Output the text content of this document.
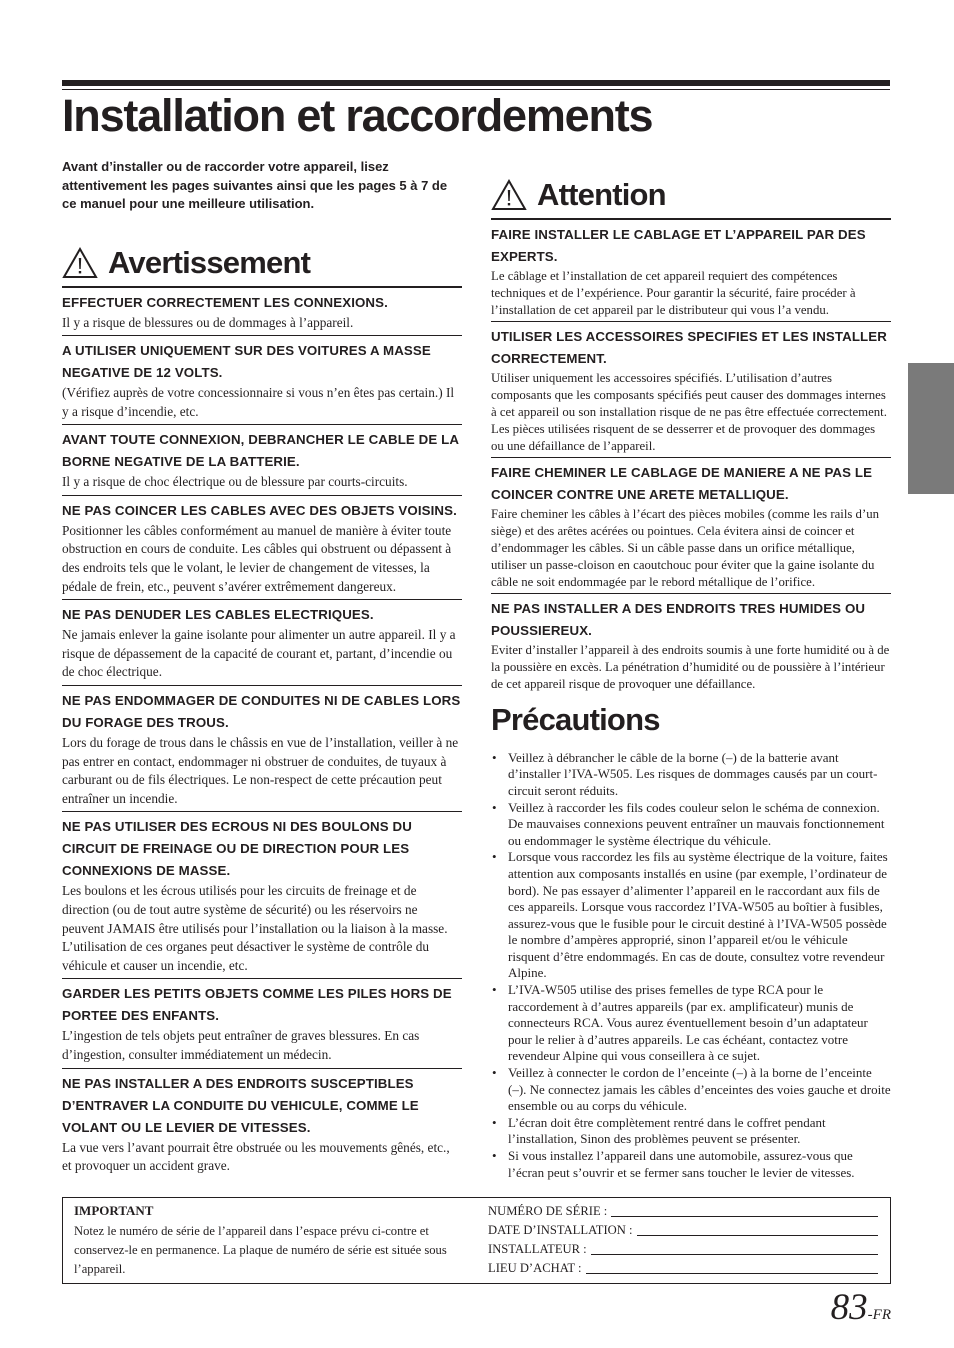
Installation et raccordements

Avant d’installer ou de raccorder votre appareil, lisez attentivement les pages suivantes ainsi que les pages 5 à 7 de ce manuel pour une meilleure utilisation.

Avertissement
EFFECTUER CORRECTEMENT LES CONNEXIONS.

Il y a risque de blessures ou de dommages à l’appareil.

A UTILISER UNIQUEMENT SUR DES VOITURES A MASSE NEGATIVE DE 12 VOLTS.

(Vérifiez auprès de votre concessionnaire si vous n’en êtes pas certain.) Il y a risque d’incendie, etc.

AVANT TOUTE CONNEXION, DEBRANCHER LE CABLE DE LA BORNE NEGATIVE DE LA BATTERIE.

Il y a risque de choc électrique ou de blessure par courts-circuits.

NE PAS COINCER LES CABLES AVEC DES OBJETS VOISINS.

Positionner les câbles conformément au manuel de manière à éviter toute obstruction en cours de conduite. Les câbles qui obstruent ou dépassent à des endroits tels que le volant, le levier de changement de vitesses, la pédale de frein, etc., peuvent s’avérer extrêmement dangereux.

NE PAS DENUDER LES CABLES ELECTRIQUES.

Ne jamais enlever la gaine isolante pour alimenter un autre appareil. Il y a risque de dépassement de la capacité de courant et, partant, d’incendie ou de choc électrique.

NE PAS ENDOMMAGER DE CONDUITES NI DE CABLES LORS DU FORAGE DES TROUS.

Lors du forage de trous dans le châssis en vue de l’installation, veiller à ne pas entrer en contact, endommager ni obstruer de conduites, de tuyaux à carburant ou de fils électriques. Le non-respect de cette précaution peut entraîner un incendie.

NE PAS UTILISER DES ECROUS NI DES BOULONS DU CIRCUIT DE FREINAGE OU DE DIRECTION POUR LES CONNEXIONS DE MASSE.

Les boulons et les écrous utilisés pour les circuits de freinage et de direction (ou de tout autre système de sécurité) ou les réservoirs ne peuvent JAMAIS être utilisés pour l’installation ou la liaison à la masse. L’utilisation de ces organes peut désactiver le système de contrôle du véhicule et causer un incendie, etc.

GARDER LES PETITS OBJETS COMME LES PILES HORS DE PORTEE DES ENFANTS.

L’ingestion de tels objets peut entraîner de graves blessures. En cas d’ingestion, consulter immédiatement un médecin.

NE PAS INSTALLER A DES ENDROITS SUSCEPTIBLES D’ENTRAVER LA CONDUITE DU VEHICULE, COMME LE VOLANT OU LE LEVIER DE VITESSES.

La vue vers l’avant pourrait être obstruée ou les mouvements gênés, etc., et provoquer un accident grave.

Attention
FAIRE INSTALLER LE CABLAGE ET L’APPAREIL PAR DES EXPERTS.

Le câblage et l’installation de cet appareil requiert des compétences techniques et de l’expérience. Pour garantir la sécurité, faire procéder à l’installation de cet appareil par le distributeur qui vous l’a vendu.

UTILISER LES ACCESSOIRES SPECIFIES ET LES INSTALLER CORRECTEMENT.

Utiliser uniquement les accessoires spécifiés. L’utilisation d’autres composants que les composants spécifiés peut causer des dommages internes à cet appareil ou son installation risque de ne pas être effectuée correctement. Les pièces utilisées risquent de se desserrer et de provoquer des dommages ou une défaillance de l’appareil.

FAIRE CHEMINER LE CABLAGE DE MANIERE A NE PAS LE COINCER CONTRE UNE ARETE METALLIQUE.

Faire cheminer les câbles à l’écart des pièces mobiles (comme les rails d’un siège) et des arêtes acérées ou pointues. Cela évitera ainsi de coincer et d’endommager les câbles. Si un câble passe dans un orifice métallique, utiliser un passe-cloison en caoutchouc pour éviter que la gaine isolante du câble ne soit endommagée par le rebord métallique de l’orifice.

NE PAS INSTALLER A DES ENDROITS TRES HUMIDES OU POUSSIEREUX.

Eviter d’installer l’appareil à des endroits soumis à une forte humidité ou à de la poussière en excès. La pénétration d’humidité ou de poussière à l’intérieur de cet appareil risque de provoquer une défaillance.

Précautions
• Veillez à débrancher le câble de la borne (–) de la batterie avant d’installer l’IVA-W505. Les risques de dommages causés par un court-circuit seront réduits.
• Veillez à raccorder les fils codes couleur selon le schéma de connexion. De mauvaises connexions peuvent entraîner un mauvais fonctionnement ou endommager le système électrique du véhicule.
• Lorsque vous raccordez les fils au système électrique de la voiture, faites attention aux composants installés en usine (par exemple, l’ordinateur de bord). Ne pas essayer d’alimenter l’appareil en le raccordant aux fils de ces appareils. Lorsque vous raccordez l’IVA-W505 au boîtier à fusibles, assurez-vous que le fusible pour le circuit destiné à l’IVA-W505 possède le nombre d’ampères approprié, sinon l’appareil et/ou le véhicule risquent d’être endommagés. En cas de doute, consultez votre revendeur Alpine.
• L’IVA-W505 utilise des prises femelles de type RCA pour le raccordement à d’autres appareils (par ex. amplificateur) munis de connecteurs RCA. Vous aurez éventuellement besoin d’un adaptateur pour le relier à d’autres appareils. Le cas échéant, contactez votre revendeur Alpine qui vous conseillera à ce sujet.
• Veillez à connecter le cordon de l’enceinte (–) à la borne de l’enceinte (–). Ne connectez jamais les câbles d’enceintes des voies gauche et droite ensemble ou au corps du véhicule.
• L’écran doit être complètement rentré dans le coffret pendant l’installation, Sinon des problèmes peuvent se présenter.
• Si vous installez l’appareil dans une automobile, assurez-vous que l’écran peut s’ouvrir et se fermer sans toucher le levier de vitesses.
IMPORTANT

Notez le numéro de série de l’appareil dans l’espace prévu ci-contre et conservez-le en permanence. La plaque de numéro de série est située sous l’appareil.

NUMÉRO DE SÉRIE :
DATE D’INSTALLATION :
INSTALLATEUR :
LIEU D’ACHAT :
83-FR
